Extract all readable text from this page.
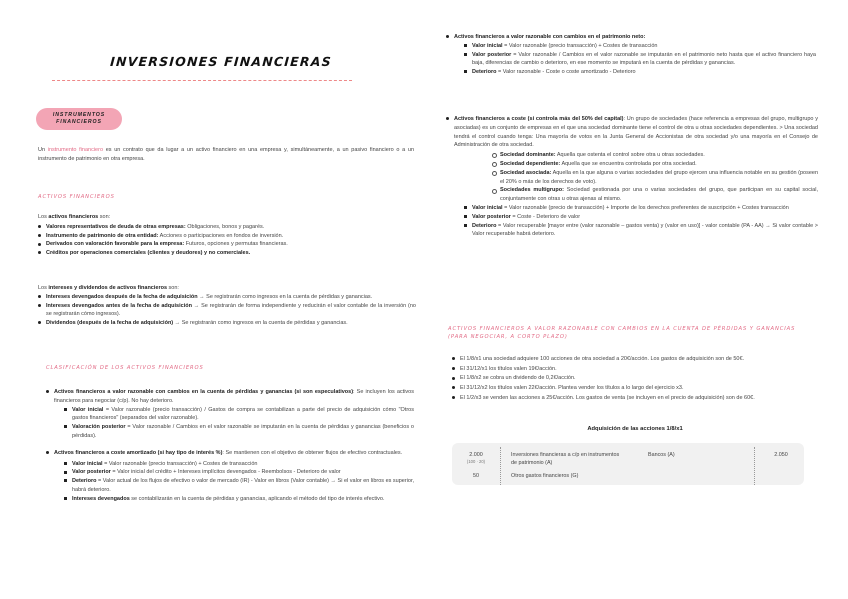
INVERSIONES FINANCIERAS
INSTRUMENTOS
FINANCIEROS
Un instrumento financiero es un contrato que da lugar a un activo financiero en una empresa y, simultáneamente, a un pasivo financiero o a un instrumento de patrimonio en otra empresa.
ACTIVOS FINANCIEROS
Los activos financieros son:
Valores representativos de deuda de otras empresas: Obligaciones, bonos y pagarés.
Instrumento de patrimonio de otra entidad: Acciones o participaciones en fondos de inversión.
Derivados con valoración favorable para la empresa: Futuros, opciones y permutas financieras.
Créditos por operaciones comerciales (clientes y deudores) y no comerciales.
Los intereses y dividendos de activos financieros son:
Intereses devengados después de la fecha de adquisición → Se registrarán como ingresos en la cuenta de pérdidas y ganancias.
Intereses devengados antes de la fecha de adquisición → Se registrarán de forma independiente y reducirán el valor contable de la inversión (no se registrarán cómo ingresos).
Dividendos (después de la fecha de adquisición) → Se registrarán como ingresos en la cuenta de pérdidas y ganancias.
CLASIFICACIÓN DE LOS ACTIVOS FINANCIEROS
Activos financieros a valor razonable con cambios en la cuenta de pérdidas y ganancias (si son especulativos): Se incluyen los activos financieros para negociar (c/p). No hay deterioro.
Valor inicial = Valor razonable (precio transacción) / Gastos de compra se contabilizan a parte del precio de adquisición cómo "Otros gastos financieros" (separados del valor razonable).
Valoración posterior = Valor razonable / Cambios en el valor razonable se imputarán en la cuenta de pérdidas y ganancias (beneficios o pérdidas).
Activos financieros a coste amortizado (si hay tipo de interés %): Se mantienen con el objetivo de obtener flujos de efectivo contractuales.
Valor inicial = Valor razonable (precio transacción) + Costes de transacción
Valor posterior = Valor inicial del crédito + Intereses implícitos devengados - Reembolsos - Deterioro de valor
Deterioro = Valor actual de los flujos de efectivo o valor de mercado (IR) - Valor en libros (Valor contable) → Si el valor en libros es superior, habrá deterioro.
Intereses devengados se contabilizarán en la cuenta de pérdidas y ganancias, aplicando el método del tipo de interés efectivo.
Activos financieros a valor razonable con cambios en el patrimonio neto:
Valor inicial = Valor razonable (precio transacción) + Costes de transacción
Valor posterior = Valor razonable / Cambios en el valor razonable se imputarán en el patrimonio neto hasta que el activo financiero haya baja, diferencias de cambio o deterioro, en ese momento se imputará en la cuenta de pérdidas y ganancias.
Deterioro = Valor razonable - Coste o coste amortizado - Deterioro
Activos financieros a coste (si controla más del 50% del capital): Un grupo de sociedades (hace referencia a empresas del grupo, multigrupo y asociadas) es un conjunto de empresas en el que una sociedad dominante tiene el control de otra u otras sociedades dependientes. > Una sociedad tendrá el control cuando tenga: Una mayoría de votos en la Junta General de Accionistas de otra sociedad y/o una mayoría en el Consejo de Administración de otra sociedad.
Sociedad dominante: Aquella que ostenta el control sobre otra u otras sociedades.
Sociedad dependiente: Aquella que se encuentra controlada por otra sociedad.
Sociedad asociada: Aquella en la que alguna o varias sociedades del grupo ejercen una influencia notable en su gestión (poseen el 20% o más de los derechos de voto).
Sociedades multigrupo: Sociedad gestionada por una o varias sociedades del grupo, que participan en su capital social, conjuntamente con otras u otras ajenas al mismo.
Valor inicial = Valor razonable (precio de transacción) + Importe de los derechos preferentes de suscripción + Costes transacción
Valor posterior = Coste - Deterioro de valor
Deterioro = Valor recuperable [mayor entre (valor razonable – gastos venta) y (valor en uso)] - valor contable (PA - AA) → Si valor contable > Valor recuperable habrá deterioro.
ACTIVOS FINANCIEROS A VALOR RAZONABLE CON CAMBIOS EN LA CUENTA DE PÉRDIDAS Y GANANCIAS
(PARA NEGOCIAR, A CORTO PLAZO)
El 1/8/x1 una sociedad adquiere 100 acciones de otra sociedad a 20€/acción. Los gastos de adquisición son de 50€.
El 31/12/x1 los títulos valen 19€/acción.
El 1/8/x2 se cobra un dividendo de 0,2€/acción.
El 31/12/x2 los títulos valen 22€/acción. Plantea vender los títulos a lo largo del ejercicio x3.
El 1/2/x3 se venden las acciones a 25€/acción. Los gastos de venta (se incluyen en el precio de adquisición) son de 60€.
Adquisición de las acciones 1/8/x1
2.000
(100 · 20)
Inversiones financieras a c/p en instrumentos de patrimonio (A)
Bancos (A)	2.050
50	Otros gastos financieros (G)
